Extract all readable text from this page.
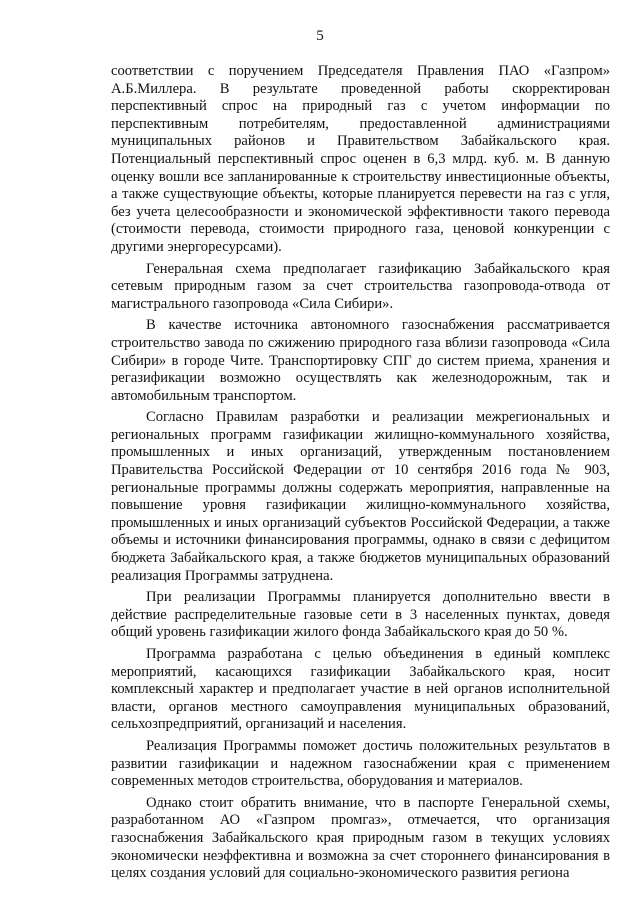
5

соответствии с поручением Председателя Правления ПАО «Газпром» А.Б.Миллера. В результате проведенной работы скорректирован перспективный спрос на природный газ с учетом информации по перспективным потребителям, предоставленной администрациями муниципальных районов и Правительством Забайкальского края. Потенциальный перспективный спрос оценен в 6,3 млрд. куб. м. В данную оценку вошли все запланированные к строительству инвестиционные объекты, а также существующие объекты, которые планируется перевести на газ с угля, без учета целесообразности и экономической эффективности такого перевода (стоимости перевода, стоимости природного газа, ценовой конкуренции с другими энергоресурсами).

Генеральная схема предполагает газификацию Забайкальского края сетевым природным газом за счет строительства газопровода-отвода от магистрального газопровода «Сила Сибири».

В качестве источника автономного газоснабжения рассматривается строительство завода по сжижению природного газа вблизи газопровода «Сила Сибири» в городе Чите. Транспортировку СПГ до систем приема, хранения и регазификации возможно осуществлять как железнодорожным, так и автомобильным транспортом.

Согласно Правилам разработки и реализации межрегиональных и региональных программ газификации жилищно-коммунального хозяйства, промышленных и иных организаций, утвержденным постановлением Правительства Российской Федерации от 10 сентября 2016 года № 903, региональные программы должны содержать мероприятия, направленные на повышение уровня газификации жилищно-коммунального хозяйства, промышленных и иных организаций субъектов Российской Федерации, а также объемы и источники финансирования программы, однако в связи с дефицитом бюджета Забайкальского края, а также бюджетов муниципальных образований реализация Программы затруднена.

При реализации Программы планируется дополнительно ввести в действие распределительные газовые сети в 3 населенных пунктах, доведя общий уровень газификации жилого фонда Забайкальского края до 50 %.

Программа разработана с целью объединения в единый комплекс мероприятий, касающихся газификации Забайкальского края, носит комплексный характер и предполагает участие в ней органов исполнительной власти, органов местного самоуправления муниципальных образований, сельхозпредприятий, организаций и населения.

Реализация Программы поможет достичь положительных результатов в развитии газификации и надежном газоснабжении края с применением современных методов строительства, оборудования и материалов.

Однако стоит обратить внимание, что в паспорте Генеральной схемы, разработанном АО «Газпром промгаз», отмечается, что организация газоснабжения Забайкальского края природным газом в текущих условиях экономически неэффективна и возможна за счет стороннего финансирования в целях создания условий для социально-экономического развития региона
